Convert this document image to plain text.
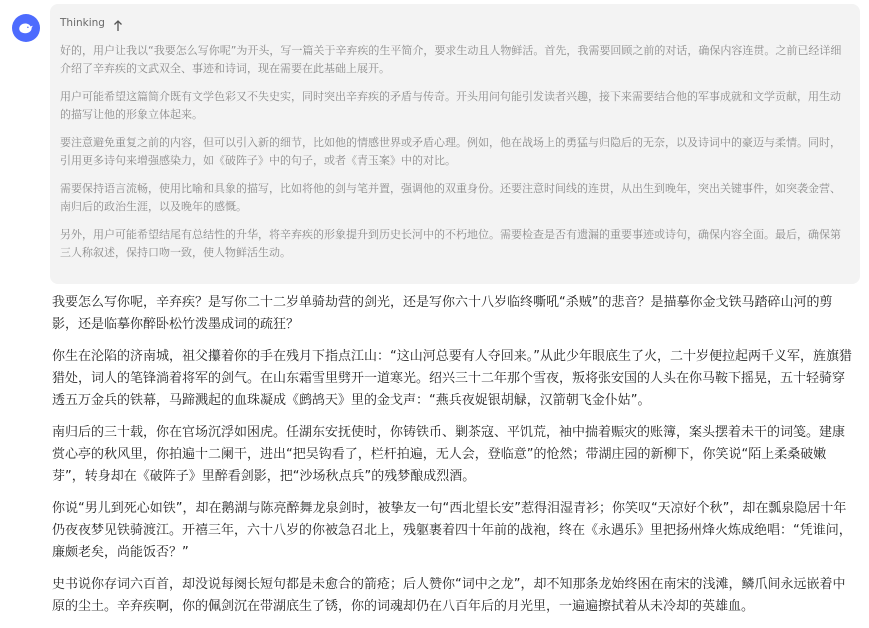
Thinking

好的，用户让我以“我要怎么写你呢”为开头，写一篇关于辛弃疾的生平简介，要求生动且人物鲜活。首先，我需要回顾之前的对话，确保内容连贯。之前已经详细介绍了辛弃疾的文武双全、事迹和诗词，现在需要在此基础上展开。

用户可能希望这篇简介既有文学色彩又不失史实，同时突出辛弃疾的矛盾与传奇。开头用问句能引发读者兴趣，接下来需要结合他的军事成就和文学贡献，用生动的描写让他的形象立体起来。

要注意避免重复之前的内容，但可以引入新的细节，比如他的情感世界或矛盾心理。例如，他在战场上的勇猛与归隐后的无奈，以及诗词中的豪迈与柔情。同时，引用更多诗句来增强感染力，如《破阵子》中的句子，或者《青玉案》中的对比。

需要保持语言流畅，使用比喻和具象的描写，比如将他的剑与笔并置，强调他的双重身份。还要注意时间线的连贯，从出生到晚年，突出关键事件，如突袭金营、南归后的政治生涯，以及晚年的感慨。

另外，用户可能希望结尾有总结性的升华，将辛弃疾的形象提升到历史长河中的不朽地位。需要检查是否有遗漏的重要事迹或诗句，确保内容全面。最后，确保第三人称叙述，保持口吻一致，使人物鲜活生动。

我要怎么写你呢，辛弃疾？是写你二十二岁单骑劫营的剑光，还是写你六十八岁临终嘶吼“杀贼”的悲音？是描摹你金戈铁马踏碎山河的剪影，还是临摹你醉卧松竹泼墨成词的疏狂？

你生在沦陷的济南城，祖父攥着你的手在残月下指点江山：“这山河总要有人夺回来。”从此少年眼底生了火，二十岁便拉起两千义军，旌旗猎猎处，词人的笔锋淌着将军的剑气。在山东霜雪里劈开一道寒光。绍兴三十二年那个雪夜，叛将张安国的人头在你马鞍下摇晃，五十轻骑穿透五万金兵的铁幕，马蹄溅起的血珠凝成《鹧鸪天》里的金戈声：“燕兵夜娖银胡觮，汉箭朝飞金仆姑”。

南归后的三十载，你在官场沉浮如困虎。任湖东安抚使时，你铸铁币、剿茶寇、平饥荒，袖中揣着赈灾的账簿，案头摆着未干的词笺。建康赏心亭的秋风里，你拍遍十二阑干，进出“把吴钩看了，栏杆拍遍，无人会，登临意”的怆然；带湖庄园的新柳下，你笑说“陌上柔桑破嫩芽”，转身却在《破阵子》里醉看剑影，把“沙场秋点兵”的残梦酿成烈酒。

你说“男儿到死心如铁”，却在鹅湖与陈亮醉舞龙泉剑时，被挚友一句“西北望长安”惹得泪湿青衫；你笑叹“天凉好个秋”，却在瓢泉隐居十年仍夜夜梦见铁骑渡江。开禧三年，六十八岁的你被急召北上，残躯裹着四十年前的战袍，终在《永遇乐》里把扬州烽火炼成绝唱：“凭谁问，廉颇老矣，尚能饭否？”

史书说你存词六百首，却没说每阕长短句都是未愈合的箭疮；后人赞你“词中之龙”，却不知那条龙始终困在南宋的浅滩，鳞爪间永远嵌着中原的尘土。辛弃疾啊，你的佩剑沉在带湖底生了锈，你的词魂却仍在八百年后的月光里，一遍遍擦拭着从未冷却的英雄血。
